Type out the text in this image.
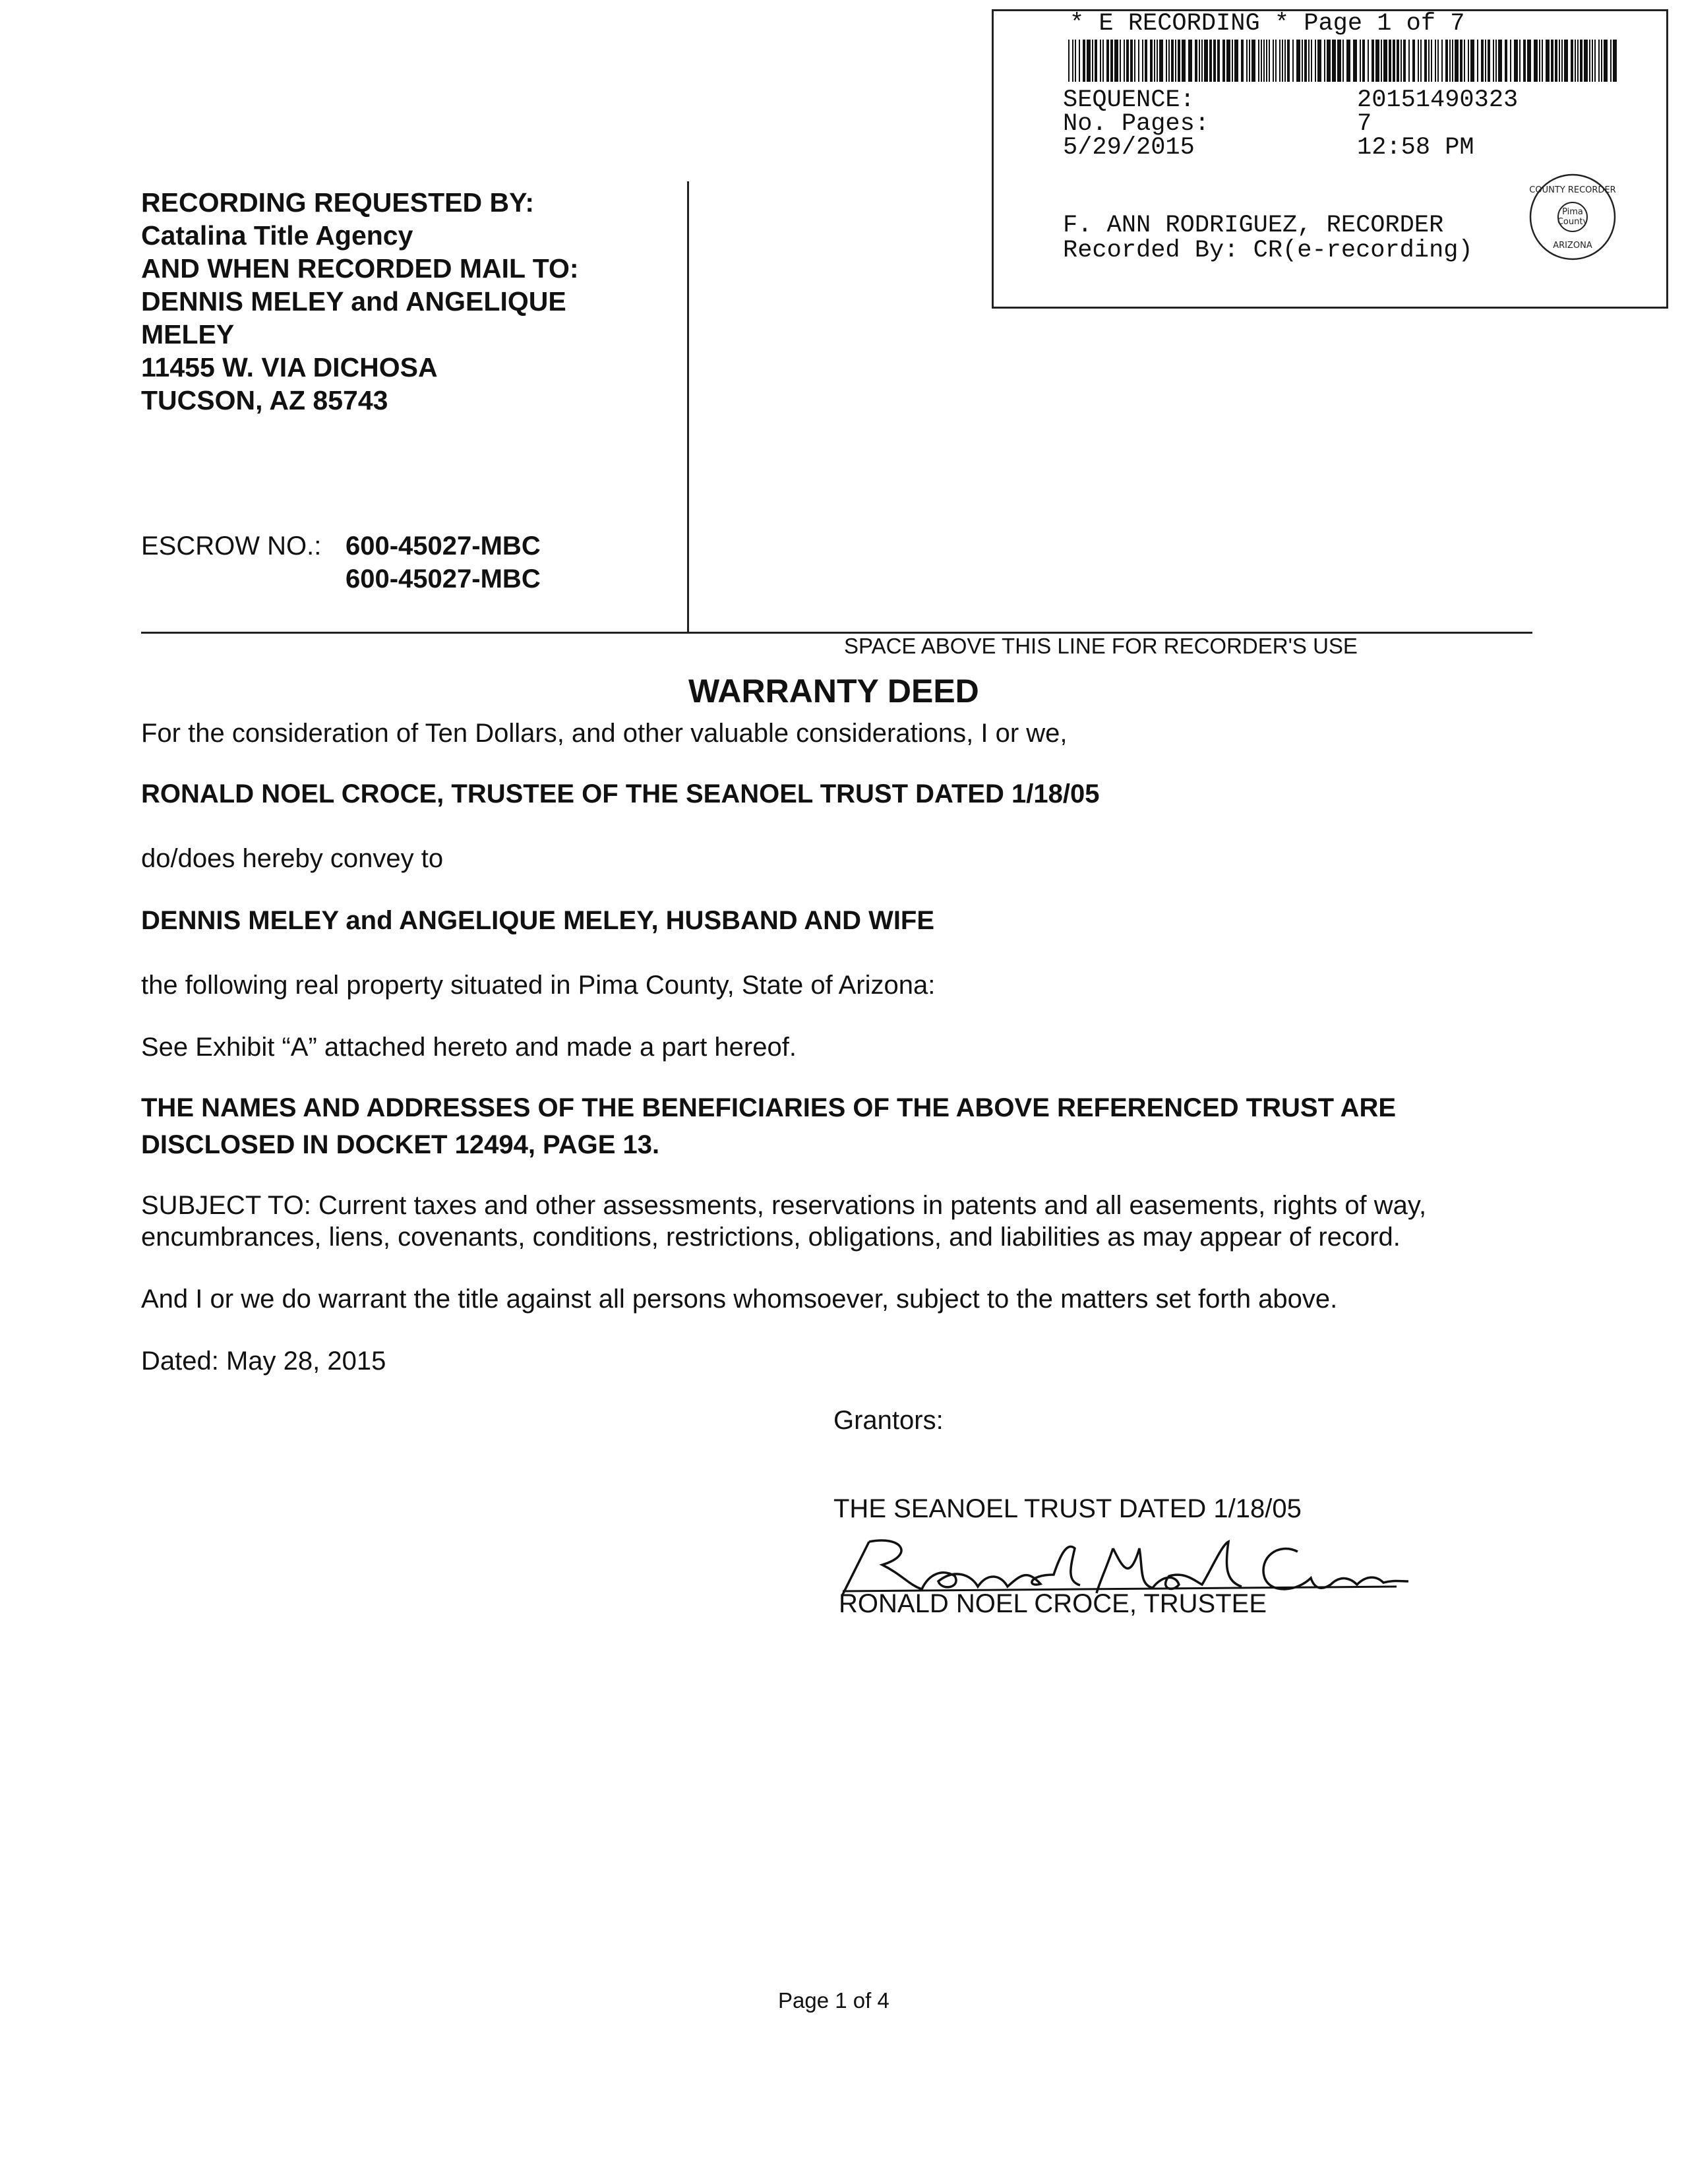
* E RECORDING * Page 1 of 7
SEQUENCE:	20151490323
No. Pages:	7
5/29/2015	12:58 PM
F. ANN RODRIGUEZ, RECORDER
Recorded By: CR(e-recording)
Pima
County
COUNTY RECORDER
ARIZONA
RECORDING REQUESTED BY:
Catalina Title Agency
AND WHEN RECORDED MAIL TO:
DENNIS MELEY and ANGELIQUE
MELEY
11455 W. VIA DICHOSA
TUCSON, AZ 85743
ESCROW NO.: 600-45027-MBC
600-45027-MBC
SPACE ABOVE THIS LINE FOR RECORDER'S USE
WARRANTY DEED
For the consideration of Ten Dollars, and other valuable considerations, I or we,
RONALD NOEL CROCE, TRUSTEE OF THE SEANOEL TRUST DATED 1/18/05
do/does hereby convey to
DENNIS MELEY and ANGELIQUE MELEY, HUSBAND AND WIFE
the following real property situated in Pima County, State of Arizona:
See Exhibit “A” attached hereto and made a part hereof.
THE NAMES AND ADDRESSES OF THE BENEFICIARIES OF THE ABOVE REFERENCED TRUST ARE
DISCLOSED IN DOCKET 12494, PAGE 13.
SUBJECT TO: Current taxes and other assessments, reservations in patents and all easements, rights of way,
encumbrances, liens, covenants, conditions, restrictions, obligations, and liabilities as may appear of record.
And I or we do warrant the title against all persons whomsoever, subject to the matters set forth above.
Dated: May 28, 2015
Grantors:
THE SEANOEL TRUST DATED 1/18/05
RONALD NOEL CROCE, TRUSTEE
Page 1 of 4
